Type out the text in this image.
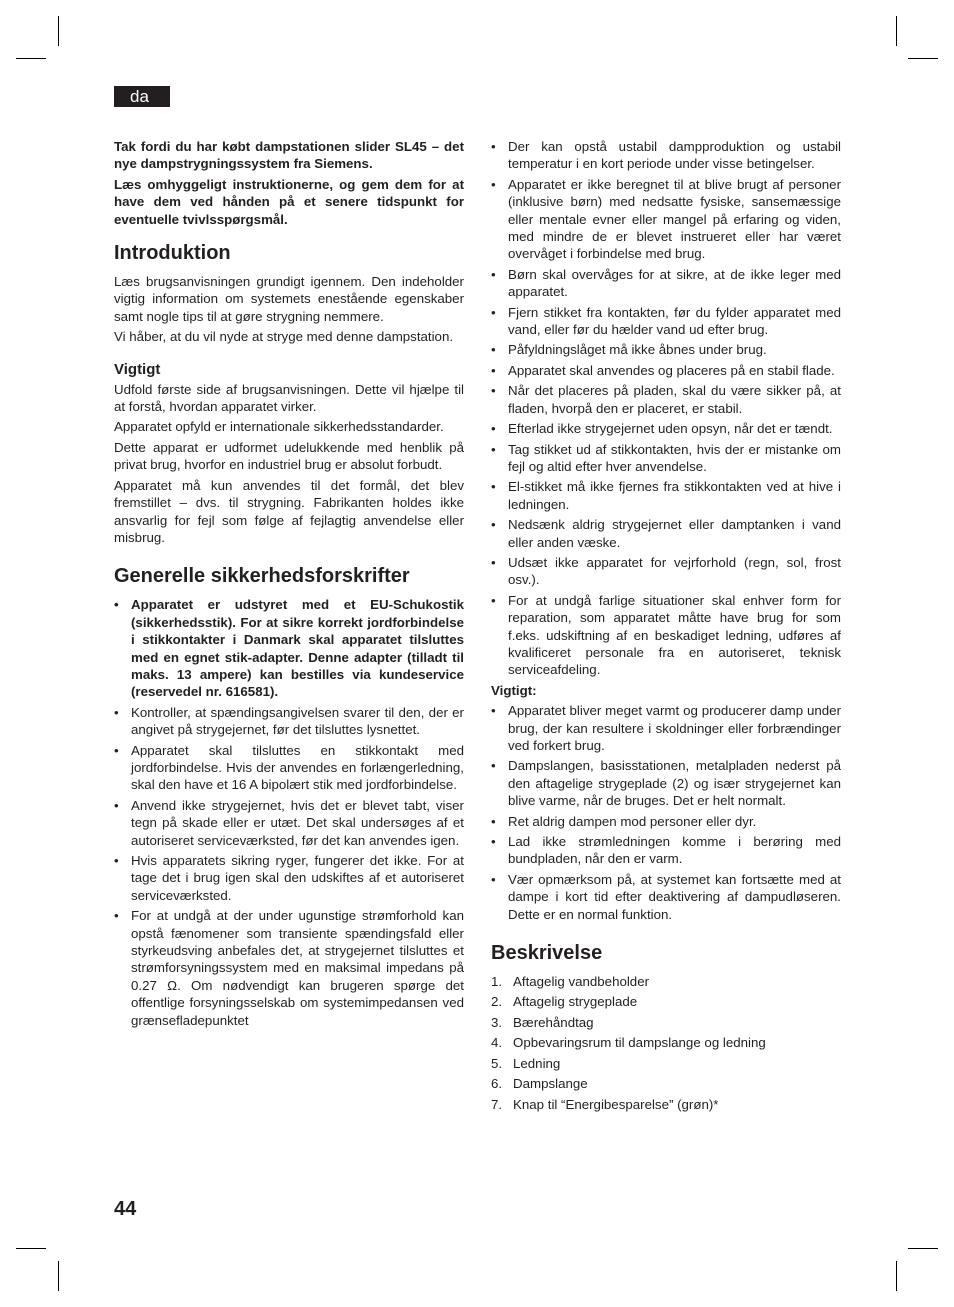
da

Tak fordi du har købt dampstationen slider SL45 – det nye dampstrygningssystem fra Siemens.

Læs omhyggeligt instruktionerne, og gem dem for at have dem ved hånden på et senere tidspunkt for eventuelle tvivlsspørgsmål.

Introduktion

Læs brugsanvisningen grundigt igennem. Den indeholder vigtig information om systemets enestående egenskaber samt nogle tips til at gøre strygning nemmere.

Vi håber, at du vil nyde at stryge med denne dampstation.

Vigtigt

Udfold første side af brugsanvisningen. Dette vil hjælpe til at forstå, hvordan apparatet virker.

Apparatet opfyld er internationale sikkerhedsstandarder.

Dette apparat er udformet udelukkende med henblik på privat brug, hvorfor en industriel brug er absolut forbudt.

Apparatet må kun anvendes til det formål, det blev fremstillet – dvs. til strygning. Fabrikanten holdes ikke ansvarlig for fejl som følge af fejlagtig anvendelse eller misbrug.

Generelle sikkerhedsforskrifter
• Apparatet er udstyret med et EU-Schukostik (sikkerhedsstik). For at sikre korrekt jordforbindelse i stikkontakter i Danmark skal apparatet tilsluttes med en egnet stik-adapter. Denne adapter (tilladt til maks. 13 ampere) kan bestilles via kundeservice (reservedel nr. 616581).
• Kontroller, at spændingsangivelsen svarer til den, der er angivet på strygejernet, før det tilsluttes lysnettet.
• Apparatet skal tilsluttes en stikkontakt med jordforbindelse. Hvis der anvendes en forlængerledning, skal den have et 16 A bipolært stik med jordforbindelse.
• Anvend ikke strygejernet, hvis det er blevet tabt, viser tegn på skade eller er utæt. Det skal undersøges af et autoriseret serviceværksted, før det kan anvendes igen.
• Hvis apparatets sikring ryger, fungerer det ikke. For at tage det i brug igen skal den udskiftes af et autoriseret serviceværksted.
• For at undgå at der under ugunstige strømforhold kan opstå fænomener som transiente spændingsfald eller styrkeudsving anbefales det, at strygejernet tilsluttes et strømforsyningssystem med en maksimal impedans på 0.27 Ω. Om nødvendigt kan brugeren spørge det offentlige forsyningsselskab om systemimpedansen ved grænsefladepunktet
• Der kan opstå ustabil dampproduktion og ustabil temperatur i en kort periode under visse betingelser.
• Apparatet er ikke beregnet til at blive brugt af personer (inklusive børn) med nedsatte fysiske, sansemæssige eller mentale evner eller mangel på erfaring og viden, med mindre de er blevet instrueret eller har været overvåget i forbindelse med brug.
• Børn skal overvåges for at sikre, at de ikke leger med apparatet.
• Fjern stikket fra kontakten, før du fylder apparatet med vand, eller før du hælder vand ud efter brug.
• Påfyldningslåget må ikke åbnes under brug.
• Apparatet skal anvendes og placeres på en stabil flade.
• Når det placeres på pladen, skal du være sikker på, at fladen, hvorpå den er placeret, er stabil.
• Efterlad ikke strygejernet uden opsyn, når det er tændt.
• Tag stikket ud af stikkontakten, hvis der er mistanke om fejl og altid efter hver anvendelse.
• El-stikket må ikke fjernes fra stikkontakten ved at hive i ledningen.
• Nedsænk aldrig strygejernet eller damptanken i vand eller anden væske.
• Udsæt ikke apparatet for vejrforhold (regn, sol, frost osv.).
• For at undgå farlige situationer skal enhver form for reparation, som apparatet måtte have brug for som f.eks. udskiftning af en beskadiget ledning, udføres af kvalificeret personale fra en autoriseret, teknisk serviceafdeling.
Vigtigt:
• Apparatet bliver meget varmt og producerer damp under brug, der kan resultere i skoldninger eller forbrændinger ved forkert brug.
• Dampslangen, basisstationen, metalpladen nederst på den aftagelige strygeplade (2) og især strygejernet kan blive varme, når de bruges. Det er helt normalt.
• Ret aldrig dampen mod personer eller dyr.
• Lad ikke strømledningen komme i berøring med bundpladen, når den er varm.
• Vær opmærksom på, at systemet kan fortsætte med at dampe i kort tid efter deaktivering af dampudløseren. Dette er en normal funktion.
Beskrivelse
1. Aftagelig vandbeholder
2. Aftagelig strygeplade
3. Bærehåndtag
4. Opbevaringsrum til dampslange og ledning
5. Ledning
6. Dampslange
7. Knap til “Energibesparelse” (grøn)*
44
